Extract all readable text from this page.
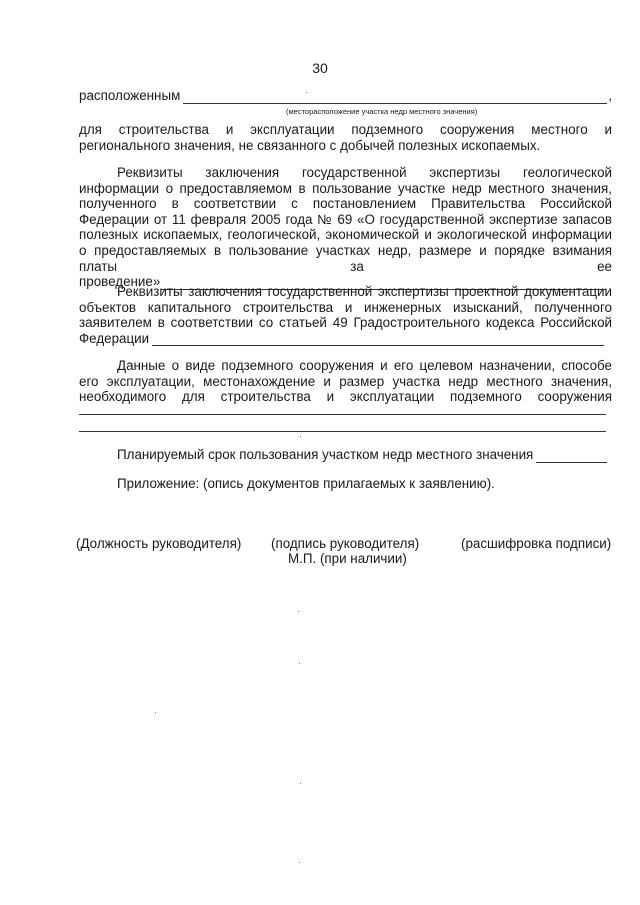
30
расположенным	,
(месторасположение участка недр местного значения)

для строительства и эксплуатации подземного сооружения местного и регионального значения, не связанного с добычей полезных ископаемых.

Реквизиты заключения государственной экспертизы геологической информации о предоставляемом в пользование участке недр местного значения, полученного в соответствии с постановлением Правительства Российской Федерации от 11 февраля 2005 года № 69 «О государственной экспертизе запасов полезных ископаемых, геологической, экономической и экологической информации о предоставляемых в пользование участках недр, размере и порядке взимания платы за ее

проведение»

Реквизиты заключения государственной экспертизы проектной документации объектов капитального строительства и инженерных изысканий, полученного заявителем в соответствии со статьей 49 Градостроительного кодекса Российской

Федерации

Данные о виде подземного сооружения и его целевом назначении, способе его эксплуатации, местонахождение и размер участка недр местного значения, необходимого для строительства и эксплуатации подземного сооружения

Планируемый срок пользования участком недр местного значения

Приложение: (опись документов прилагаемых к заявлению).

(Должность руководителя) (подпись руководителя)
М.П. (при наличии)
(расшифровка подписи)
